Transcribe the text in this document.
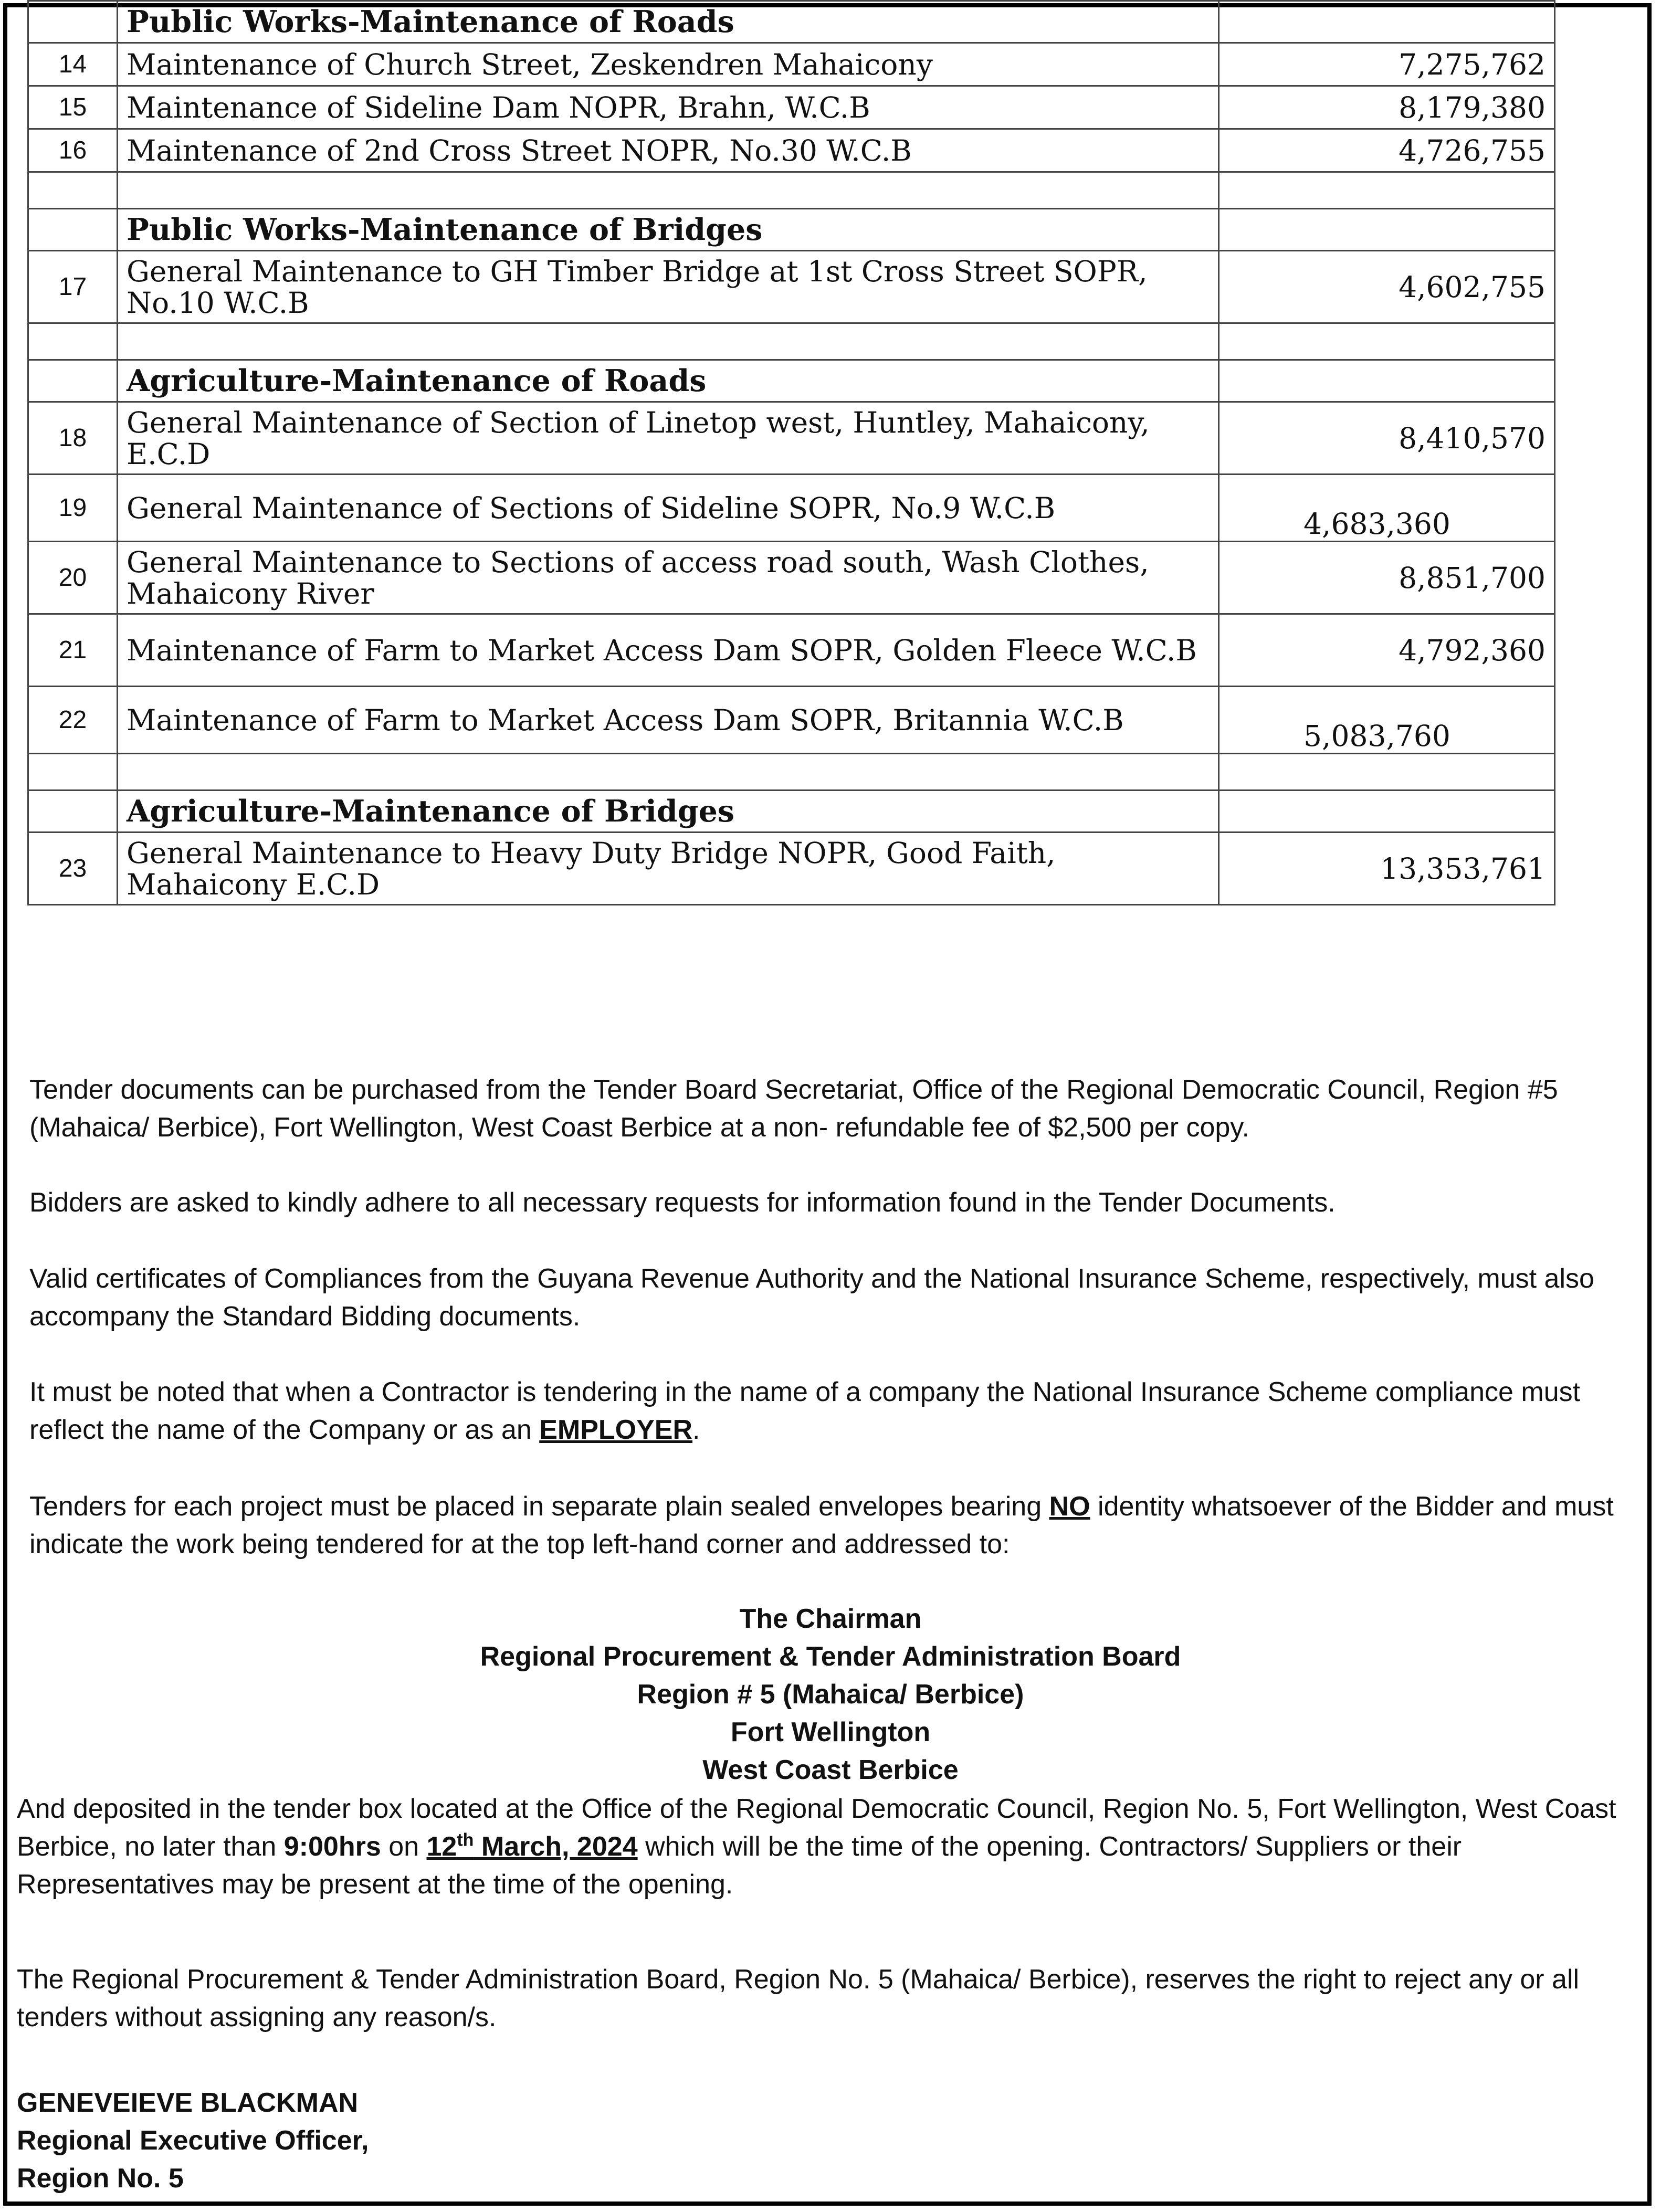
	Public Works-Maintenance of Roads	
14	Maintenance of Church Street, Zeskendren Mahaicony	7,275,762
15	Maintenance of Sideline Dam NOPR, Brahn, W.C.B	8,179,380
16	Maintenance of 2nd Cross Street NOPR, No.30 W.C.B	4,726,755

	Public Works-Maintenance of Bridges	
17	General Maintenance to GH Timber Bridge at 1st Cross Street SOPR, No.10 W.C.B	4,602,755

	Agriculture-Maintenance of Roads	
18	General Maintenance of Section of Linetop west, Huntley, Mahaicony, E.C.D	8,410,570
19	General Maintenance of Sections of Sideline SOPR, No.9 W.C.B	4,683,360
20	General Maintenance to Sections of access road south, Wash Clothes, Mahaicony River	8,851,700
21	Maintenance of Farm to Market Access Dam SOPR, Golden Fleece W.C.B	4,792,360
22	Maintenance of Farm to Market Access Dam SOPR, Britannia W.C.B	5,083,760

	Agriculture-Maintenance of Bridges	
23	General Maintenance to Heavy Duty Bridge NOPR, Good Faith, Mahaicony E.C.D	13,353,761

Tender documents can be purchased from the Tender Board Secretariat, Office of the Regional Democratic Council, Region #5 (Mahaica/ Berbice), Fort Wellington, West Coast Berbice at a non- refundable fee of $2,500 per copy.

Bidders are asked to kindly adhere to all necessary requests for information found in the Tender Documents.

Valid certificates of Compliances from the Guyana Revenue Authority and the National Insurance Scheme, respectively, must also accompany the Standard Bidding documents.

It must be noted that when a Contractor is tendering in the name of a company the National Insurance Scheme compliance must reflect the name of the Company or as an EMPLOYER.

Tenders for each project must be placed in separate plain sealed envelopes bearing NO identity whatsoever of the Bidder and must indicate the work being tendered for at the top left-hand corner and addressed to:

The Chairman
Regional Procurement & Tender Administration Board
Region # 5 (Mahaica/ Berbice)
Fort Wellington
West Coast Berbice

And deposited in the tender box located at the Office of the Regional Democratic Council, Region No. 5, Fort Wellington, West Coast Berbice, no later than 9:00hrs on 12th March, 2024 which will be the time of the opening. Contractors/ Suppliers or their Representatives may be present at the time of the opening.

The Regional Procurement & Tender Administration Board, Region No. 5 (Mahaica/ Berbice), reserves the right to reject any or all tenders without assigning any reason/s.

GENEVEIEVE BLACKMAN
Regional Executive Officer,
Region No. 5
